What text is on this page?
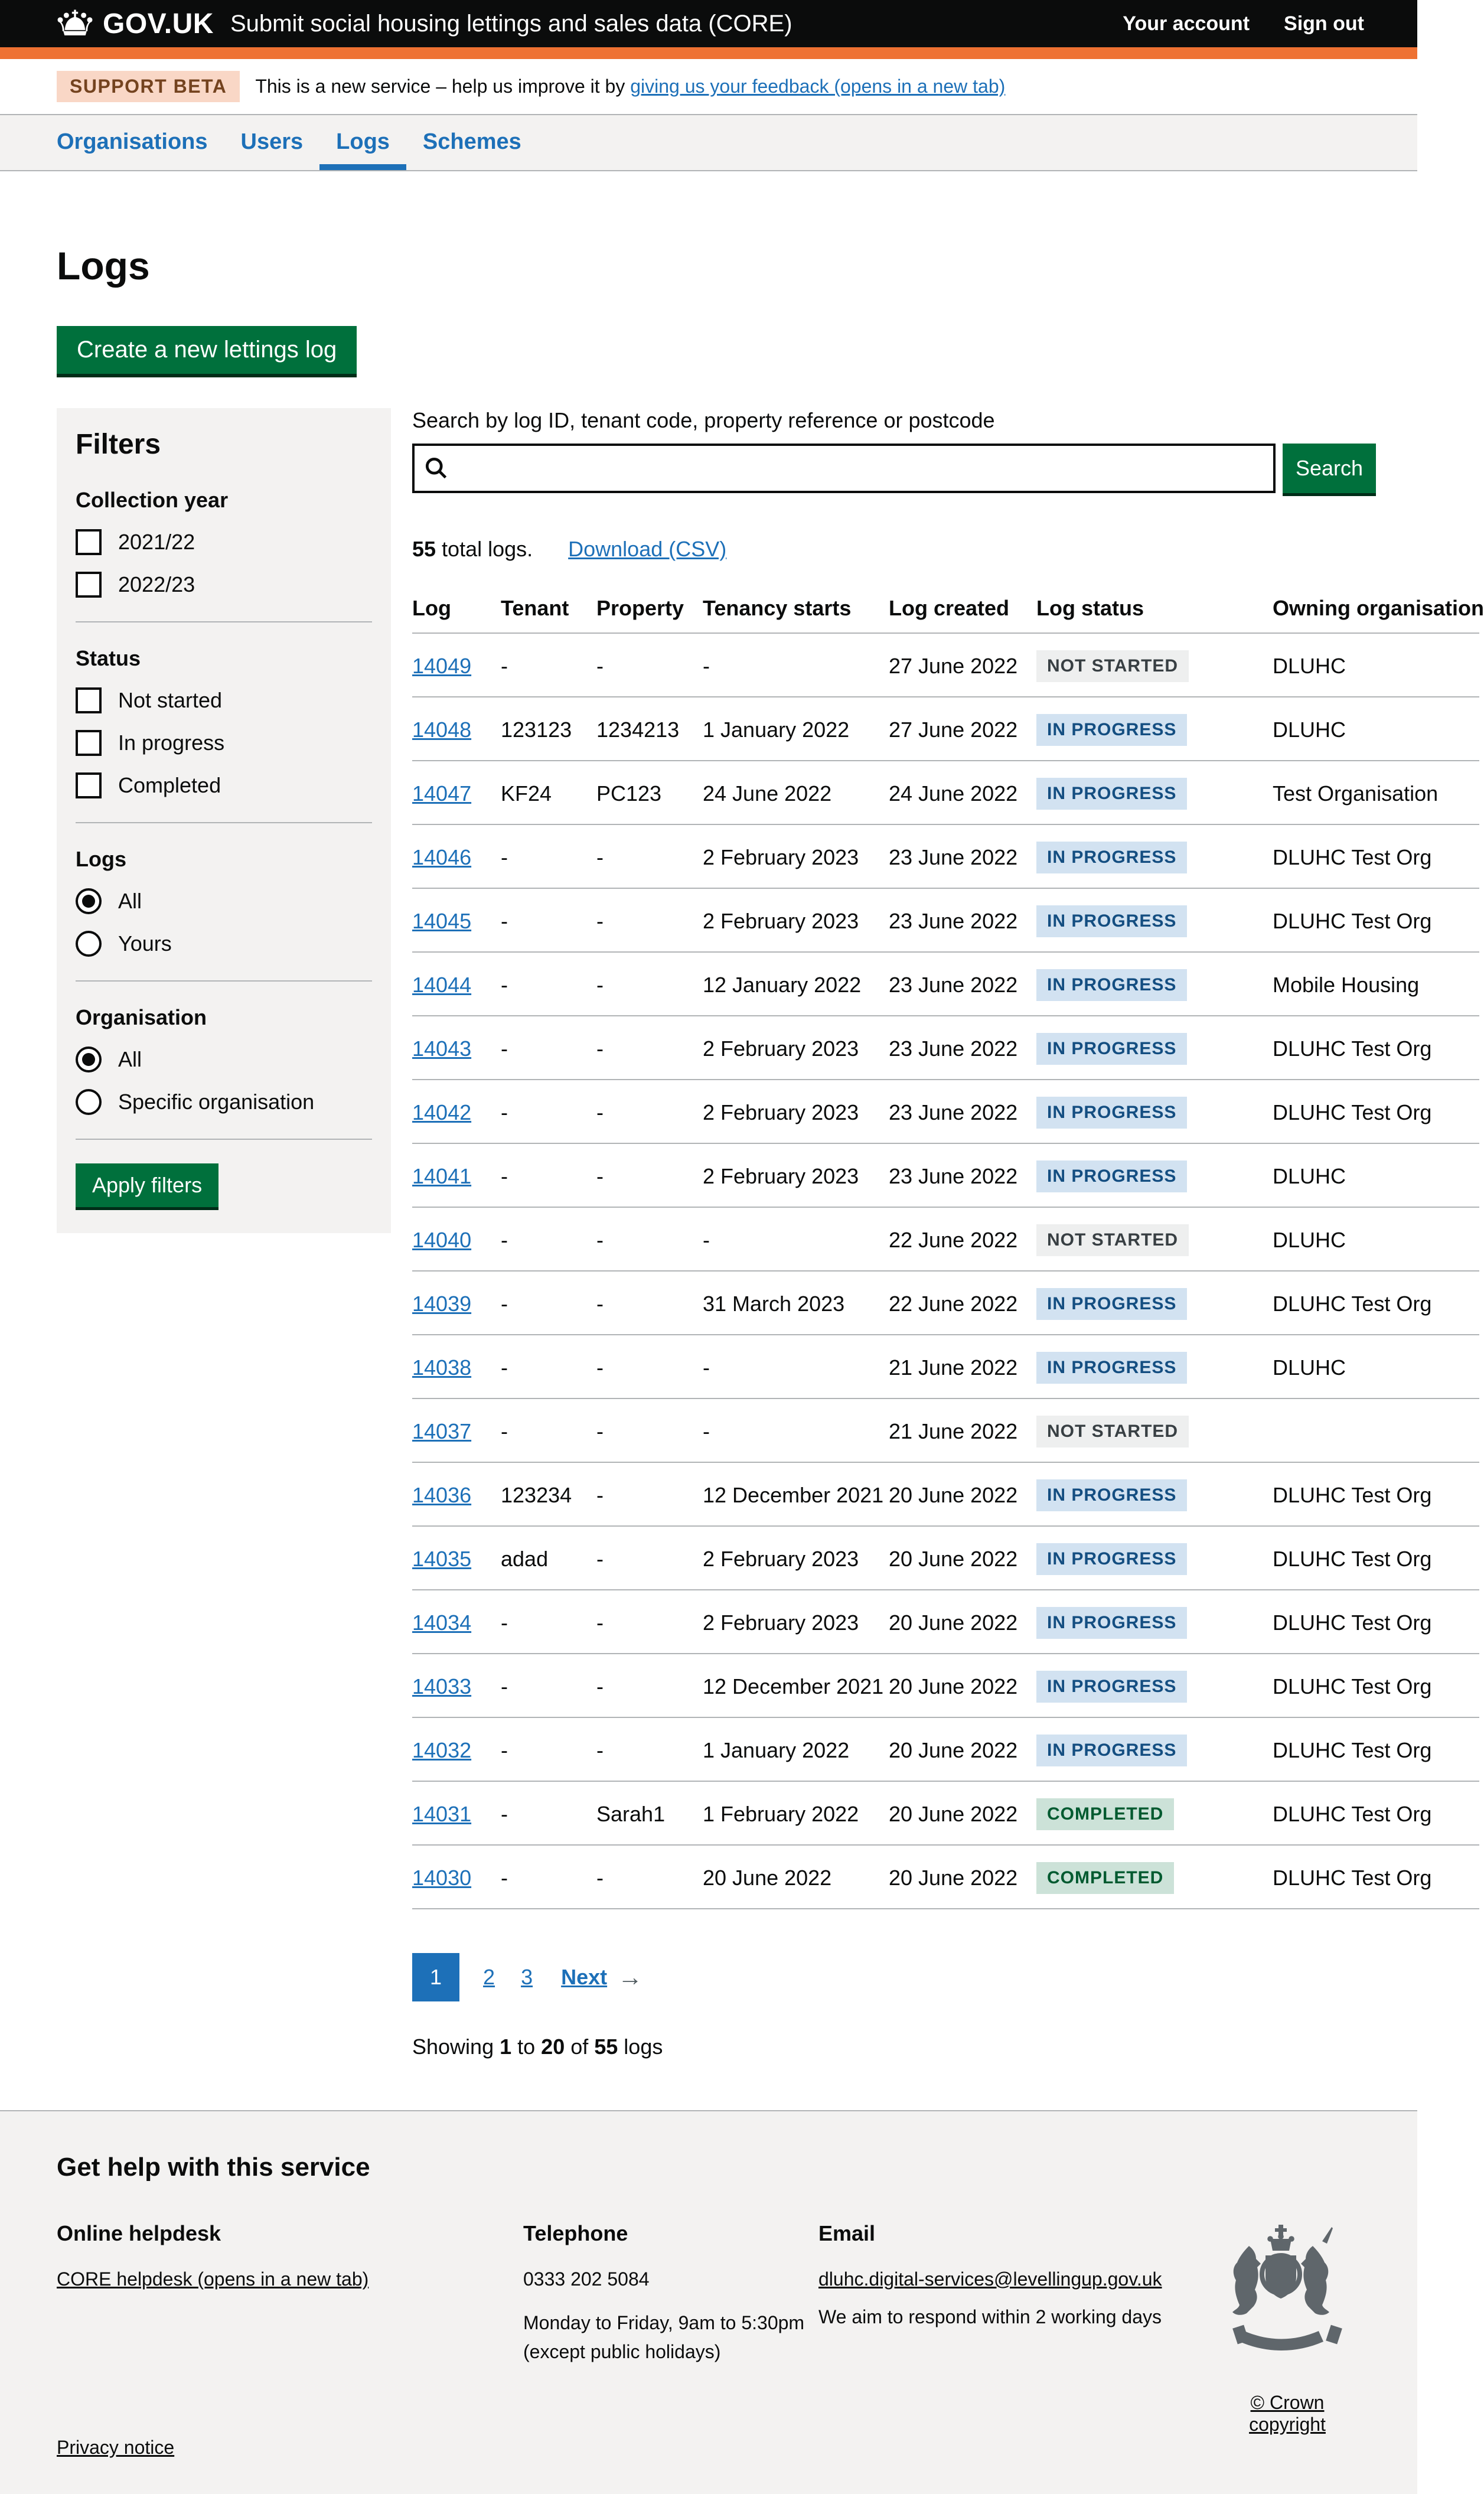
GOV.UK Submit social housing lettings and sales data (CORE)	Your account Sign out
SUPPORT BETA	This is a new service – help us improve it by giving us your feedback (opens in a new tab)
Organisations	Users	Logs	Schemes
Logs
Create a new lettings log
Filters
Collection year
2021/22
2022/23
Status
Not started
In progress
Completed
Logs
All
Yours
Organisation
All
Specific organisation
Apply filters
Search by log ID, tenant code, property reference or postcode
Search
55 total logs. Download (CSV)
Log	Tenant	Property	Tenancy starts	Log created	Log status	Owning organisation
14049	-	-	-	27 June 2022	NOT STARTED	DLUHC
14048	123123	1234213	1 January 2022	27 June 2022	IN PROGRESS	DLUHC
14047	KF24	PC123	24 June 2022	24 June 2022	IN PROGRESS	Test Organisation
14046	-	-	2 February 2023	23 June 2022	IN PROGRESS	DLUHC Test Org
14045	-	-	2 February 2023	23 June 2022	IN PROGRESS	DLUHC Test Org
14044	-	-	12 January 2022	23 June 2022	IN PROGRESS	Mobile Housing
14043	-	-	2 February 2023	23 June 2022	IN PROGRESS	DLUHC Test Org
14042	-	-	2 February 2023	23 June 2022	IN PROGRESS	DLUHC Test Org
14041	-	-	2 February 2023	23 June 2022	IN PROGRESS	DLUHC
14040	-	-	-	22 June 2022	NOT STARTED	DLUHC
14039	-	-	31 March 2023	22 June 2022	IN PROGRESS	DLUHC Test Org
14038	-	-	-	21 June 2022	IN PROGRESS	DLUHC
14037	-	-	-	21 June 2022	NOT STARTED	
14036	123234	-	12 December 2021	20 June 2022	IN PROGRESS	DLUHC Test Org
14035	adad	-	2 February 2023	20 June 2022	IN PROGRESS	DLUHC Test Org
14034	-	-	2 February 2023	20 June 2022	IN PROGRESS	DLUHC Test Org
14033	-	-	12 December 2021	20 June 2022	IN PROGRESS	DLUHC Test Org
14032	-	-	1 January 2022	20 June 2022	IN PROGRESS	DLUHC Test Org
14031	-	Sarah1	1 February 2022	20 June 2022	COMPLETED	DLUHC Test Org
14030	-	-	20 June 2022	20 June 2022	COMPLETED	DLUHC Test Org
1	2 3 Next →

Showing 1 to 20 of 55 logs

Get help with this service
Online helpdesk

CORE helpdesk (opens in a new tab)

Telephone

0333 202 5084

Monday to Friday, 9am to 5:30pm

(except public holidays)

Email

dluhc.digital-services@levellingup.gov.uk

We aim to respond within 2 working days

Privacy notice

© Crown copyright
